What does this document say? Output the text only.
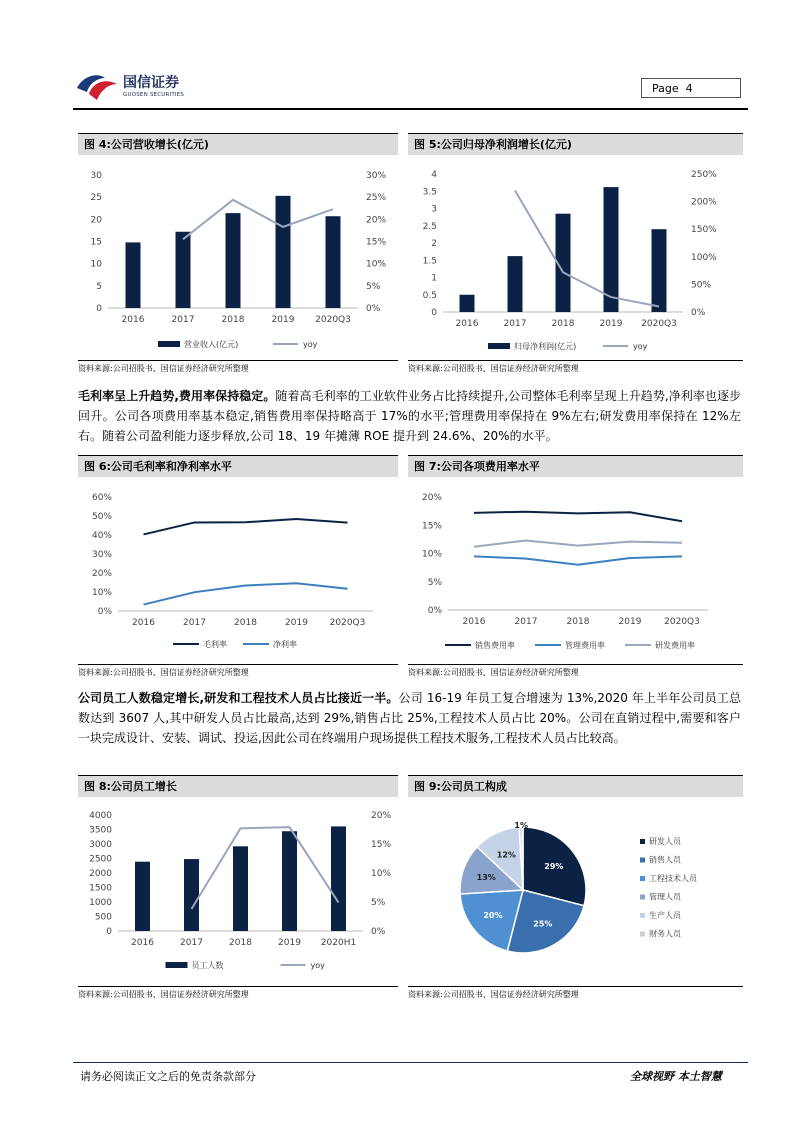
国信证券
GUOSEN SECURITIES	Page 4
图 4:公司营收增长(亿元)
0
5
10
15
20
25
30
0%
5%
10%
15%
20%
25%
30%
2016	2017	2018	2019 2020Q3
营业收入(亿元)	yoy
资料来源:公司招股书、国信证券经济研究所整理
图 5:公司归母净利润增长(亿元)
0
0.5
1
1.5
2
2.5
3
3.5
4
0%
50%
100%
150%
200%
250%
2016	2017	2018	2019 2020Q3
归母净利润(亿元)	yoy
资料来源:公司招股书、国信证券经济研究所整理
毛利率呈上升趋势,费用率保持稳定。随着高毛利率的工业软件业务占比持续提升,公司整体毛利率呈现上升趋势,净利率也逐步回升。公司各项费用率基本稳定,销售费用率保持略高于 17%的水平;管理费用率保持在 9%左右;研发费用率保持在 12%左右。随着公司盈利能力逐步释放,公司 18、19 年摊薄 ROE 提升到 24.6%、20%的水平。
图 6:公司毛利率和净利率水平
0%
10%
20%
30%
40%
50%
60%
2016	2017	2018	2019 2020Q3
毛利率	净利率
资料来源:公司招股书、国信证券经济研究所整理
图 7:公司各项费用率水平
0%
5%
10%
15%
20%
2016	2017	2018	2019	2020Q3
销售费用率	管理费用率	研发费用率
资料来源:公司招股书、国信证券经济研究所整理
公司员工人数稳定增长,研发和工程技术人员占比接近一半。公司 16-19 年员工复合增速为 13%,2020 年上半年公司员工总数达到 3607 人,其中研发人员占比最高,达到 29%,销售占比 25%,工程技术人员占比 20%。公司在直销过程中,需要和客户一块完成设计、安装、调试、投运,因此公司在终端用户现场提供工程技术服务,工程技术人员占比较高。
图 8:公司员工增长
0
500
1000
1500
2000
2500
3000
3500
4000
0%
5%
10%
15%
20%
2016	2017	2018	2019 2020H1
员工人数	yoy
资料来源:公司招股书、国信证券经济研究所整理
图 9:公司员工构成
29%
研发人员
25%
销售人员
20%
工程技术人员
13%
管理人员
12%
生产人员
1%
财务人员
资料来源:公司招股书、国信证券经济研究所整理
请务必阅读正文之后的免责条款部分	全球视野 本土智慧
